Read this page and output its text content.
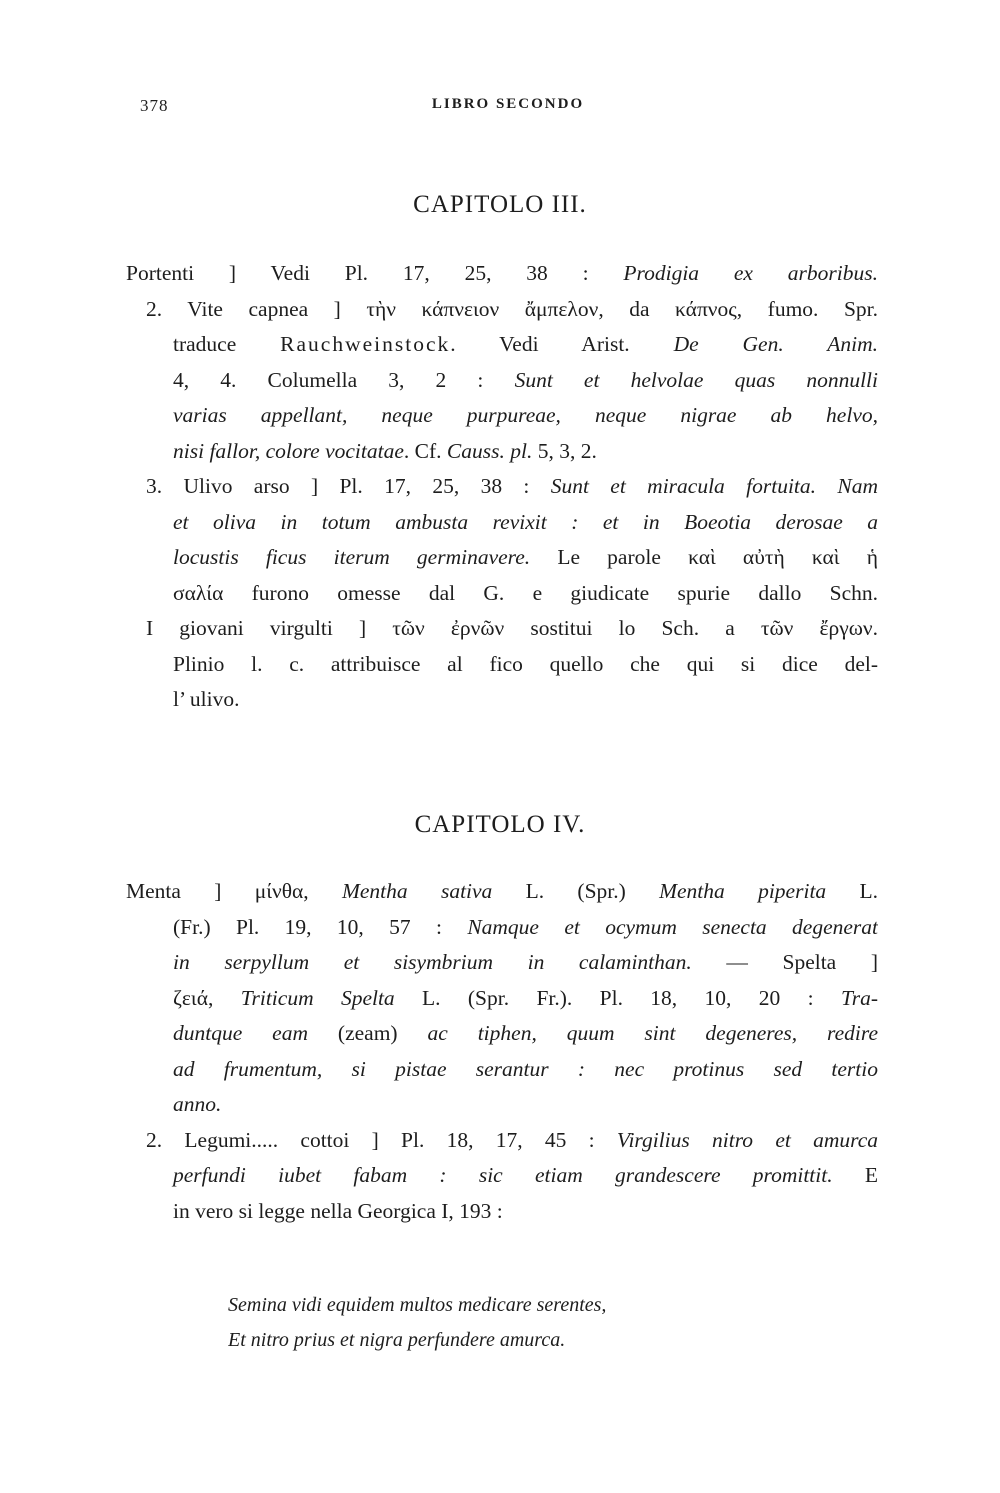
378	LIBRO SECONDO
CAPITOLO III.
Portenti ] Vedi Pl. 17, 25, 38 : Prodigia ex arboribus.
2. Vite capnea ] τὴν κάπνειον ἄμπελον, da κάπνος, fumo. Spr.
traduce Rauchweinstock. Vedi Arist. De Gen. Anim.
4, 4. Columella 3, 2 : Sunt et helvolae quas nonnulli
varias appellant, neque purpureae, neque nigrae ab helvo,
nisi fallor, colore vocitatae. Cf. Causs. pl. 5, 3, 2.
3. Ulivo arso ] Pl. 17, 25, 38 : Sunt et miracula fortuita. Nam
et oliva in totum ambusta revixit : et in Boeotia derosae a
locustis ficus iterum germinavere. Le parole καὶ αὐτὴ καὶ ἡ
σαλία furono omesse dal G. e giudicate spurie dallo Schn.
I giovani virgulti ] τῶν ἐρνῶν sostitui lo Sch. a τῶν ἔργων.
Plinio l. c. attribuisce al fico quello che qui si dice del-
l’ ulivo.
CAPITOLO IV.
Menta ] μίνθα, Mentha sativa L. (Spr.) Mentha piperita L.
(Fr.) Pl. 19, 10, 57 : Namque et ocymum senecta degenerat
in serpyllum et sisymbrium in calaminthan. — Spelta ]
ζειά, Triticum Spelta L. (Spr. Fr.). Pl. 18, 10, 20 : Tra-
duntque eam (zeam) ac tiphen, quum sint degeneres, redire
ad frumentum, si pistae serantur : nec protinus sed tertio
anno.
2. Legumi..... cottoi ] Pl. 18, 17, 45 : Virgilius nitro et amurca
perfundi iubet fabam : sic etiam grandescere promittit. E
in vero si legge nella Georgica I, 193 :
Semina vidi equidem multos medicare serentes,
Et nitro prius et nigra perfundere amurca.
